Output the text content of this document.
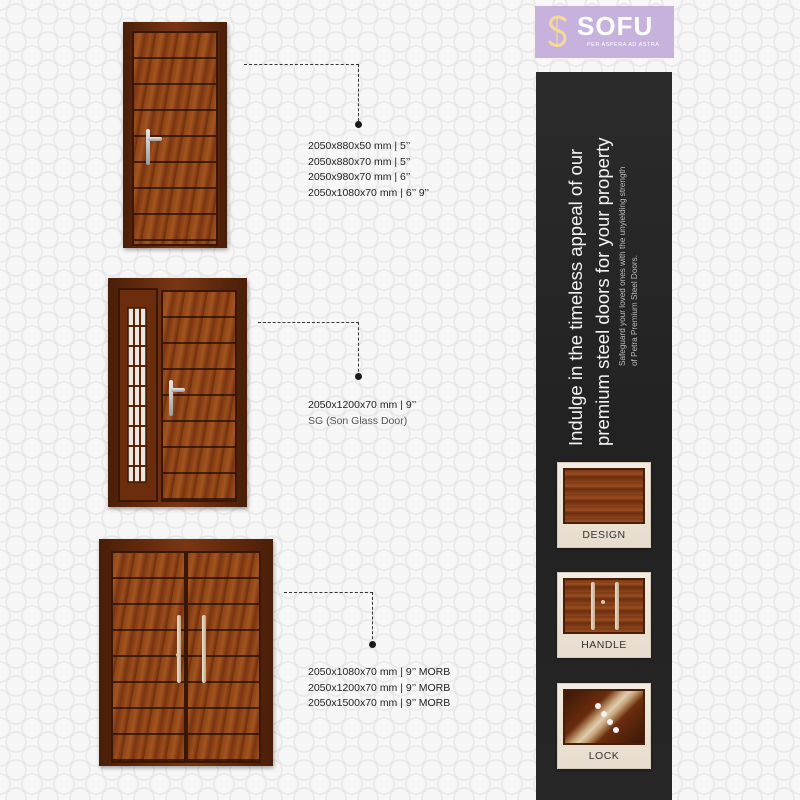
SOFU
PER ASPERA AD ASTRA
Indulge in the timeless appeal of our premium steel doors for your property Safeguard your loved ones with the unyielding strength of Petra Premium Steel Doors.
DESIGN
HANDLE
LOCK
2050x880x50 mm | 5’’
2050x880x70 mm | 5’’
2050x980x70 mm | 6’’
2050x1080x70 mm | 6’’ 9’’
2050x1200x70 mm | 9’’
SG (Son Glass Door)
2050x1080x70 mm | 9’’ MORB
2050x1200x70 mm | 9’’ MORB
2050x1500x70 mm | 9’’ MORB
